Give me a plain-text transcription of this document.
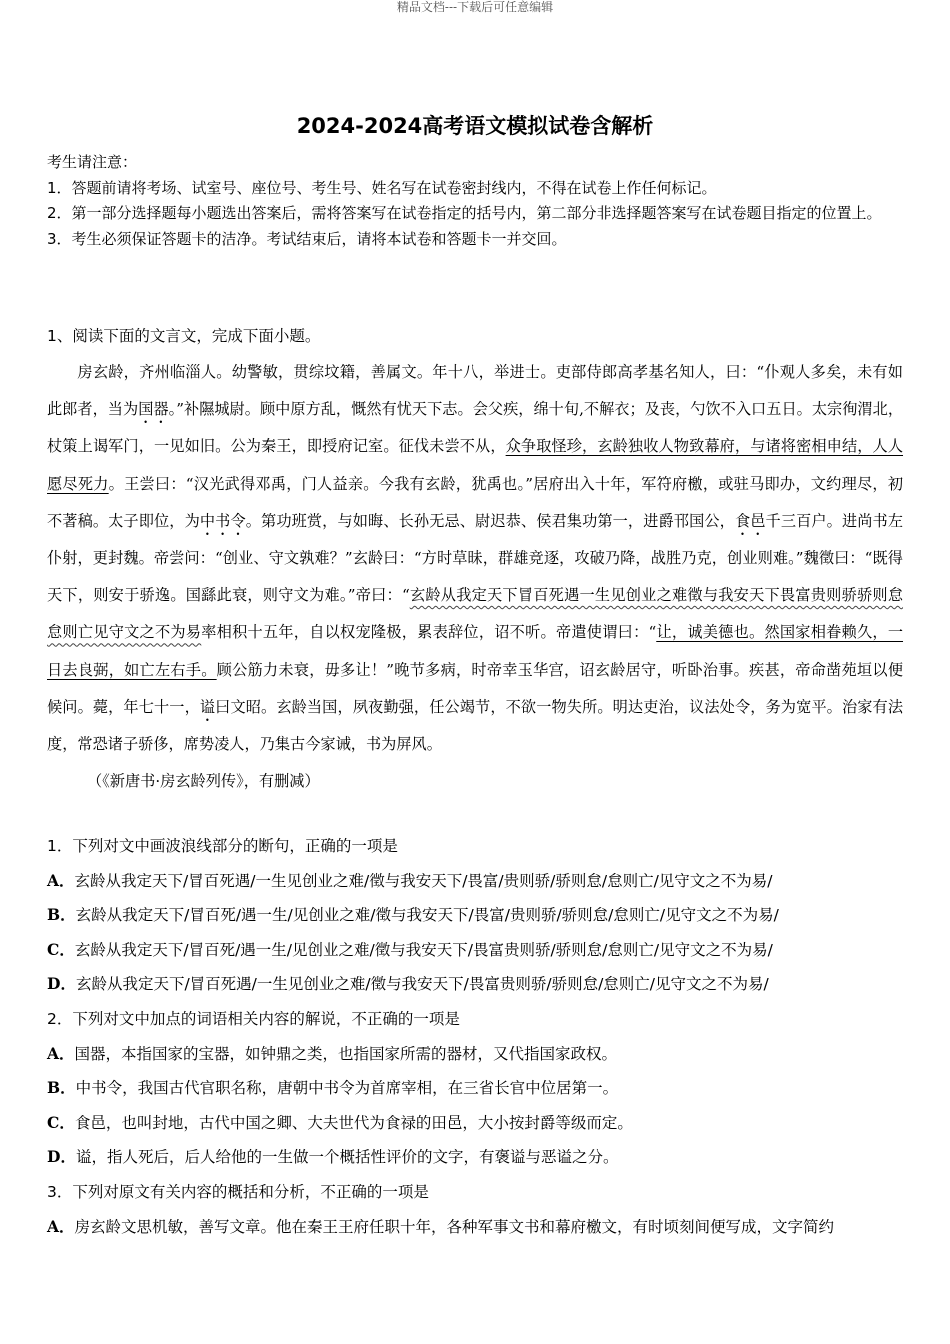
精品文档---下载后可任意编辑
2024-2024高考语文模拟试卷含解析
考生请注意：
1．答题前请将考场、试室号、座位号、考生号、姓名写在试卷密封线内，不得在试卷上作任何标记。
2．第一部分选择题每小题选出答案后，需将答案写在试卷指定的括号内，第二部分非选择题答案写在试卷题目指定的位置上。
3．考生必须保证答题卡的洁净。考试结束后，请将本试卷和答题卡一并交回。
1、阅读下面的文言文，完成下面小题。
房玄龄，齐州临淄人。幼警敏，贯综坟籍，善属文。年十八，举进士。吏部侍郎高孝基名知人，曰：“仆观人多矣，未有如此郎者，当为国器。”补隰城尉。顾中原方乱，慨然有忧天下志。会父疾，绵十旬,不解衣；及丧，勺饮不入口五日。太宗徇渭北，杖策上谒军门，一见如旧。公为秦王，即授府记室。征伐未尝不从，众争取怪珍，玄龄独收人物致幕府，与诸将密相申结，人人愿尽死力。王尝曰：“汉光武得邓禹，门人益亲。今我有玄龄，犹禹也。”居府出入十年，军符府檄，或驻马即办，文约理尽，初不著稿。太子即位，为中书令。第功班赏，与如晦、长孙无忌、尉迟恭、侯君集功第一，进爵邗国公，食邑千三百户。进尚书左仆射，更封魏。帝尝问：“创业、守文孰难？”玄龄曰：“方时草昧，群雄竞逐，攻破乃降，战胜乃克，创业则难。”魏徵曰：“既得天下，则安于骄逸。国繇此衰，则守文为难。”帝曰：“玄龄从我定天下冒百死遇一生见创业之难徵与我安天下畏富贵则骄骄则怠怠则亡见守文之不为易率相积十五年，自以权宠隆极，累表辞位，诏不听。帝遣使谓曰：“让，诚美德也。然国家相眷赖久，一日去良弼，如亡左右手。顾公筋力未衰，毋多让！”晚节多病，时帝幸玉华宫，诏玄龄居守，听卧治事。疾甚，帝命凿苑垣以便候问。薨，年七十一，谥曰文昭。玄龄当国，夙夜勤强，任公竭节，不欲一物失所。明达吏治，议法处令，务为宽平。治家有法度，常恐诸子骄侈，席势凌人，乃集古今家诫，书为屏风。
（《新唐书·房玄龄列传》，有删减）
1．下列对文中画波浪线部分的断句，正确的一项是
A．玄龄从我定天下/冒百死遇/一生见创业之难/徵与我安天下/畏富/贵则骄/骄则怠/怠则亡/见守文之不为易/
B．玄龄从我定天下/冒百死/遇一生/见创业之难/徵与我安天下/畏富/贵则骄/骄则怠/怠则亡/见守文之不为易/
C．玄龄从我定天下/冒百死/遇一生/见创业之难/徵与我安天下/畏富贵则骄/骄则怠/怠则亡/见守文之不为易/
D．玄龄从我定天下/冒百死遇/一生见创业之难/徵与我安天下/畏富贵则骄/骄则怠/怠则亡/见守文之不为易/
2．下列对文中加点的词语相关内容的解说，不正确的一项是
A．国器，本指国家的宝器，如钟鼎之类，也指国家所需的器材，又代指国家政权。
B．中书令，我国古代官职名称，唐朝中书令为首席宰相，在三省长官中位居第一。
C．食邑，也叫封地，古代中国之卿、大夫世代为食禄的田邑，大小按封爵等级而定。
D．谥，指人死后，后人给他的一生做一个概括性评价的文字，有褒谥与恶谥之分。
3．下列对原文有关内容的概括和分析，不正确的一项是
A．房玄龄文思机敏，善写文章。他在秦王王府任职十年，各种军事文书和幕府檄文，有时顷刻间便写成，文字简约
